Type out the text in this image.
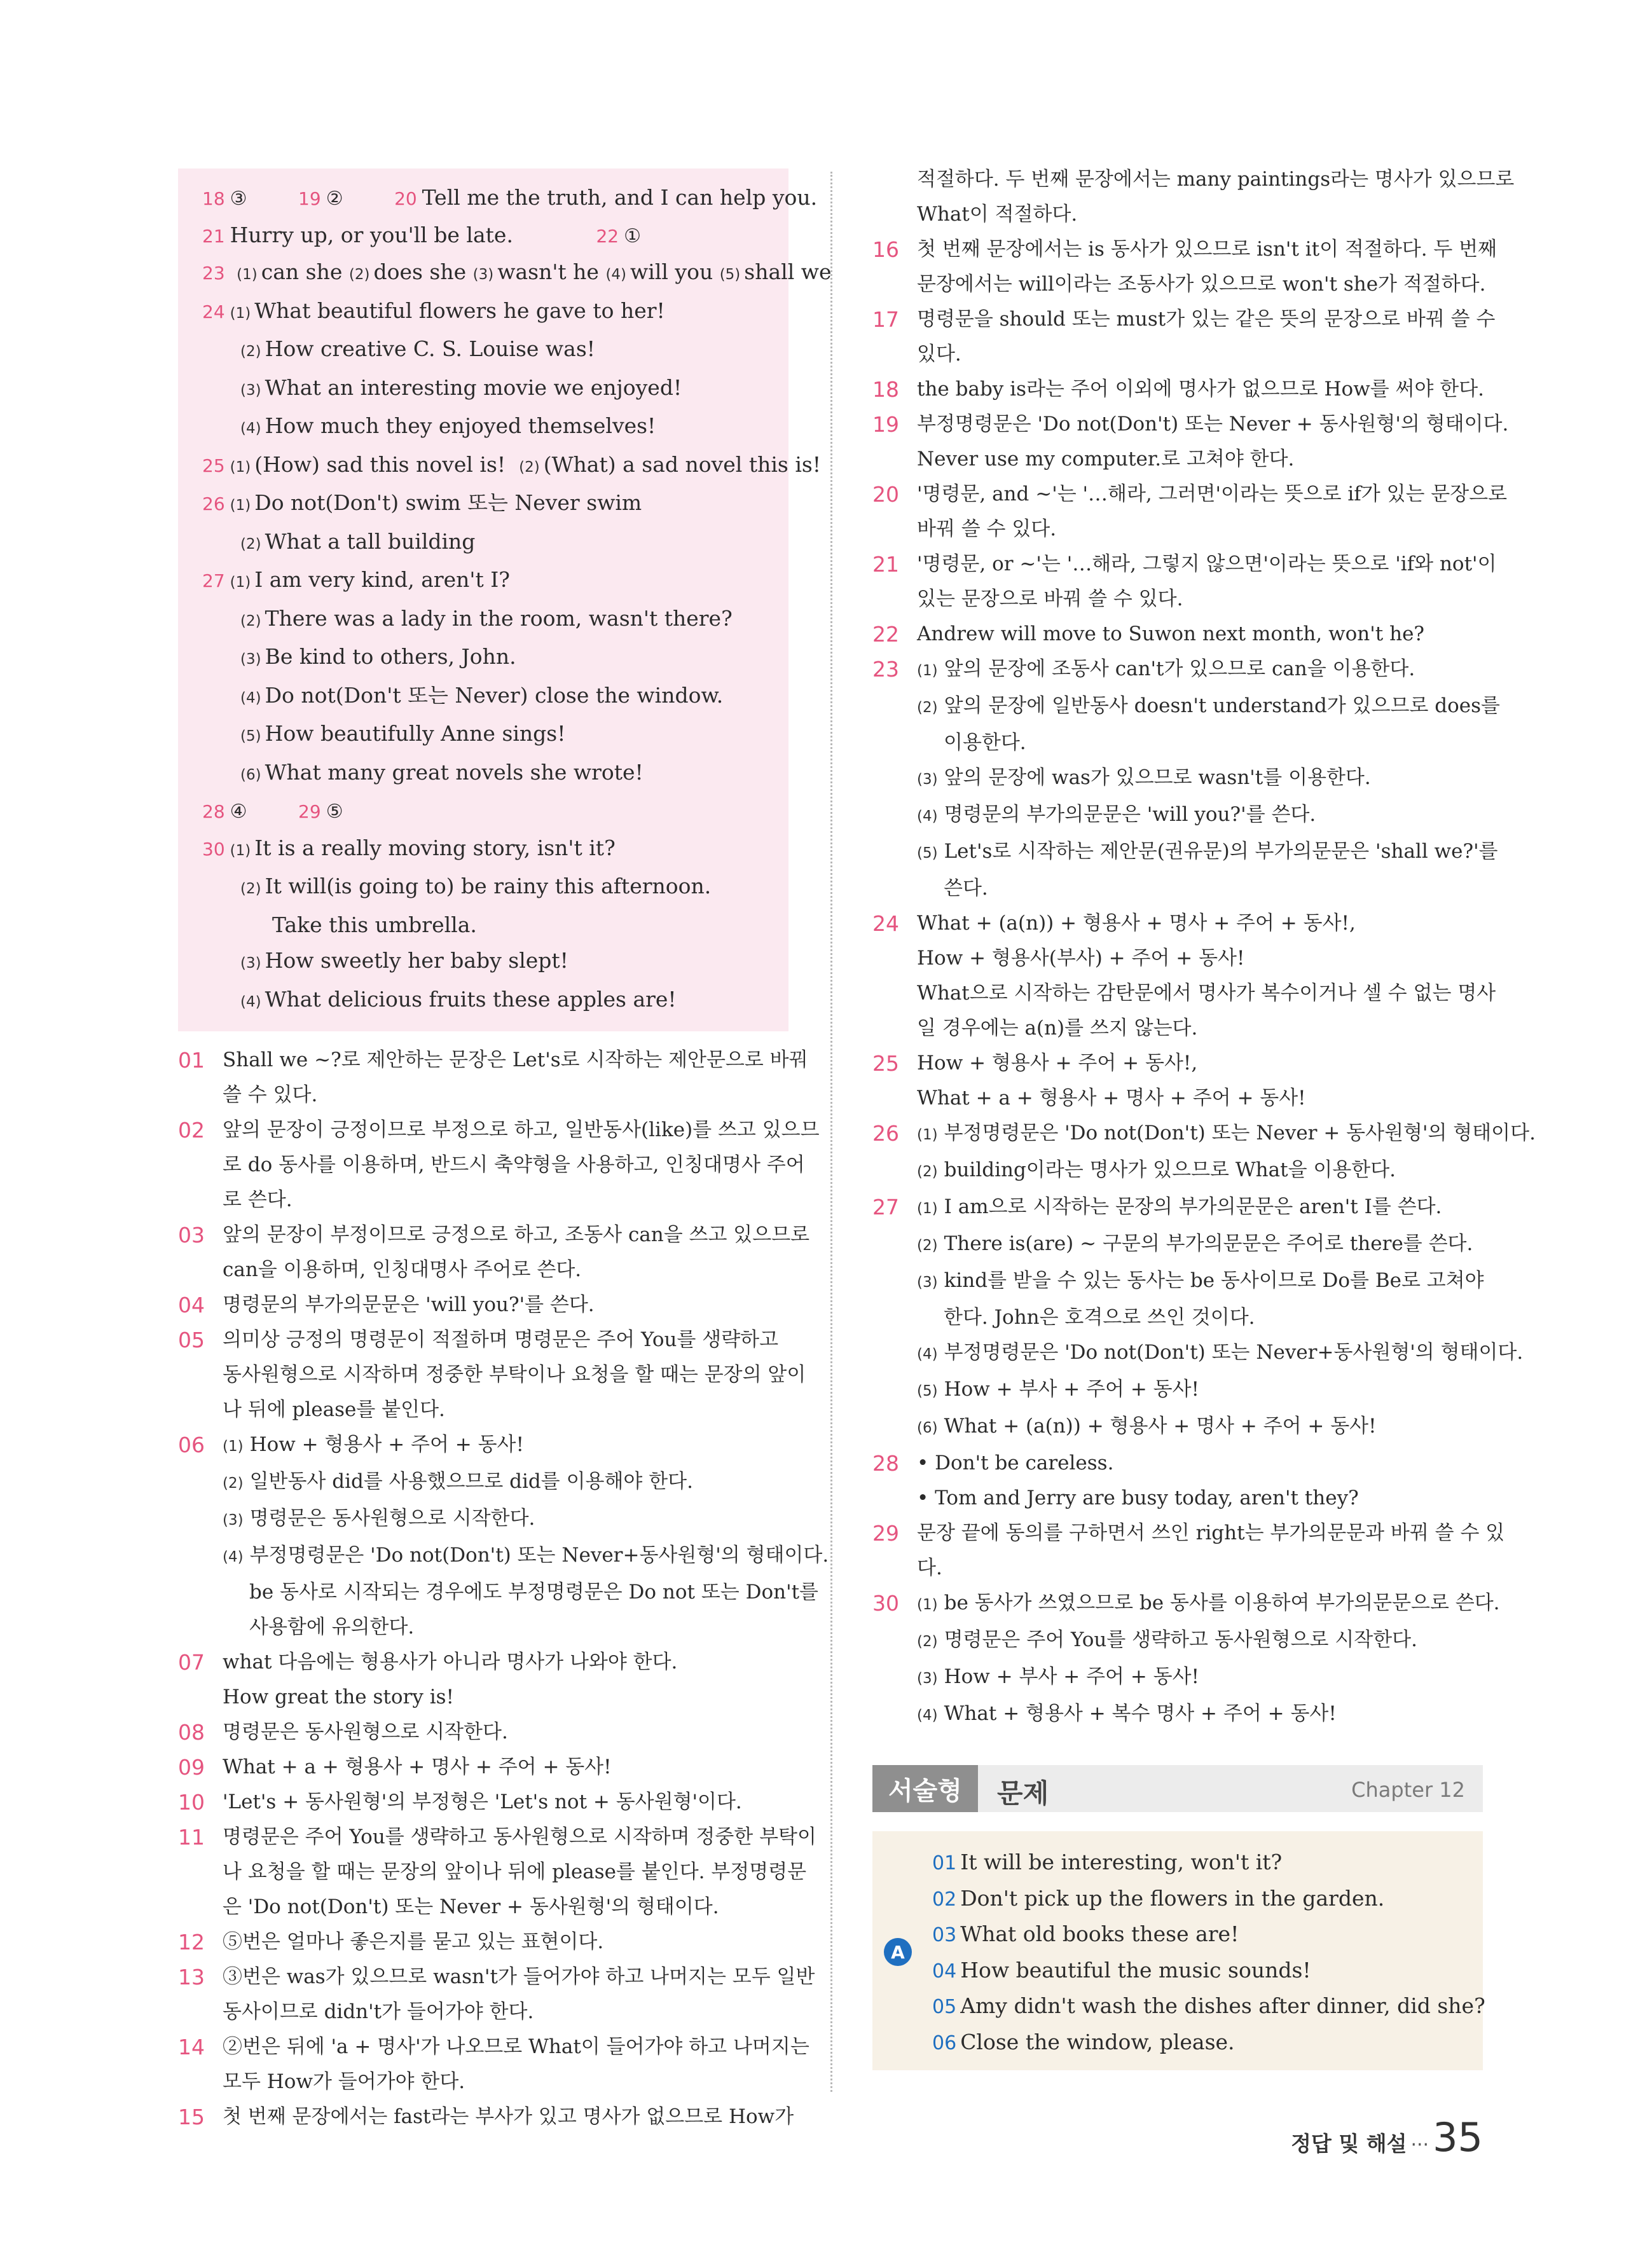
18 ③	19 ②	20 Tell me the truth, and I can help you.
21 Hurry up, or you'll be late.	22 ①
23 (1) can she (2) does she (3) wasn't he (4) will you (5) shall we
24 (1) What beautiful flowers he gave to her!
(2) How creative C. S. Louise was!
(3) What an interesting movie we enjoyed!
(4) How much they enjoyed themselves!
25 (1) (How) sad this novel is! (2) (What) a sad novel this is!
26 (1) Do not(Don't) swim 또는 Never swim
(2) What a tall building
27 (1) I am very kind, aren't I?
(2) There was a lady in the room, wasn't there?
(3) Be kind to others, John.
(4) Do not(Don't 또는 Never) close the window.
(5) How beautifully Anne sings!
(6) What many great novels she wrote!
28 ④	29 ⑤
30 (1) It is a really moving story, isn't it?
(2) It will(is going to) be rainy this afternoon.
Take this umbrella.
(3) How sweetly her baby slept!
(4) What delicious fruits these apples are!
01 Shall we ~?로 제안하는 문장은 Let's로 시작하는 제안문으로 바꿔
쓸 수 있다.
02 앞의 문장이 긍정이므로 부정으로 하고, 일반동사(like)를 쓰고 있으므
로 do 동사를 이용하며, 반드시 축약형을 사용하고, 인칭대명사 주어
로 쓴다.
03 앞의 문장이 부정이므로 긍정으로 하고, 조동사 can을 쓰고 있으므로
can을 이용하며, 인칭대명사 주어로 쓴다.
04 명령문의 부가의문문은 'will you?'를 쓴다.
05 의미상 긍정의 명령문이 적절하며 명령문은 주어 You를 생략하고
동사원형으로 시작하며 정중한 부탁이나 요청을 할 때는 문장의 앞이
나 뒤에 please를 붙인다.
06	(1) How + 형용사 + 주어 + 동사!
(2) 일반동사 did를 사용했으므로 did를 이용해야 한다.
(3) 명령문은 동사원형으로 시작한다.
(4) 부정명령문은 'Do not(Don't) 또는 Never+동사원형'의 형태이다.
be 동사로 시작되는 경우에도 부정명령문은 Do not 또는 Don't를
사용함에 유의한다.
07 what 다음에는 형용사가 아니라 명사가 나와야 한다.
How great the story is!
08 명령문은 동사원형으로 시작한다.
09 What + a + 형용사 + 명사 + 주어 + 동사!
10 'Let's + 동사원형'의 부정형은 'Let's not + 동사원형'이다.
11 명령문은 주어 You를 생략하고 동사원형으로 시작하며 정중한 부탁이
나 요청을 할 때는 문장의 앞이나 뒤에 please를 붙인다. 부정명령문
은 'Do not(Don't) 또는 Never + 동사원형'의 형태이다.
12 ⑤번은 얼마나 좋은지를 묻고 있는 표현이다.
13 ③번은 was가 있으므로 wasn't가 들어가야 하고 나머지는 모두 일반
동사이므로 didn't가 들어가야 한다.
14 ②번은 뒤에 'a + 명사'가 나오므로 What이 들어가야 하고 나머지는
모두 How가 들어가야 한다.
15 첫 번째 문장에서는 fast라는 부사가 있고 명사가 없으므로 How가
적절하다. 두 번째 문장에서는 many paintings라는 명사가 있으므로
What이 적절하다.
16 첫 번째 문장에서는 is 동사가 있으므로 isn't it이 적절하다. 두 번째
문장에서는 will이라는 조동사가 있으므로 won't she가 적절하다.
17 명령문을 should 또는 must가 있는 같은 뜻의 문장으로 바꿔 쓸 수
있다.
18 the baby is라는 주어 이외에 명사가 없으므로 How를 써야 한다.
19 부정명령문은 'Do not(Don't) 또는 Never + 동사원형'의 형태이다.
Never use my computer.로 고쳐야 한다.
20 '명령문, and ~'는 '…해라, 그러면'이라는 뜻으로 if가 있는 문장으로
바꿔 쓸 수 있다.
21 '명령문, or ~'는 '…해라, 그렇지 않으면'이라는 뜻으로 'if와 not'이
있는 문장으로 바꿔 쓸 수 있다.
22 Andrew will move to Suwon next month, won't he?
23	(1) 앞의 문장에 조동사 can't가 있으므로 can을 이용한다.
(2) 앞의 문장에 일반동사 doesn't understand가 있으므로 does를
이용한다.
(3) 앞의 문장에 was가 있으므로 wasn't를 이용한다.
(4) 명령문의 부가의문문은 'will you?'를 쓴다.
(5) Let's로 시작하는 제안문(권유문)의 부가의문문은 'shall we?'를
쓴다.
24 What + (a(n)) + 형용사 + 명사 + 주어 + 동사!,
How + 형용사(부사) + 주어 + 동사!
What으로 시작하는 감탄문에서 명사가 복수이거나 셀 수 없는 명사
일 경우에는 a(n)를 쓰지 않는다.
25 How + 형용사 + 주어 + 동사!,
What + a + 형용사 + 명사 + 주어 + 동사!
26	(1) 부정명령문은 'Do not(Don't) 또는 Never + 동사원형'의 형태이다.
(2) building이라는 명사가 있으므로 What을 이용한다.
27	(1) I am으로 시작하는 문장의 부가의문문은 aren't I를 쓴다.
(2) There is(are) ~ 구문의 부가의문문은 주어로 there를 쓴다.
(3) kind를 받을 수 있는 동사는 be 동사이므로 Do를 Be로 고쳐야
한다. John은 호격으로 쓰인 것이다.
(4) 부정명령문은 'Do not(Don't) 또는 Never+동사원형'의 형태이다.
(5) How + 부사 + 주어 + 동사!
(6) What + (a(n)) + 형용사 + 명사 + 주어 + 동사!
28 • Don't be careless.
• Tom and Jerry are busy today, aren't they?
29 문장 끝에 동의를 구하면서 쓰인 right는 부가의문문과 바꿔 쓸 수 있
다.
30	(1) be 동사가 쓰였으므로 be 동사를 이용하여 부가의문문으로 쓴다.
(2) 명령문은 주어 You를 생략하고 동사원형으로 시작한다.
(3) How + 부사 + 주어 + 동사!
(4) What + 형용사 + 복수 명사 + 주어 + 동사!
서술형	문제	Chapter 12
A
01 It will be interesting, won't it?
02 Don't pick up the flowers in the garden.
03 What old books these are!
04 How beautiful the music sounds!
05 Amy didn't wash the dishes after dinner, did she?
06 Close the window, please.
정답 및 해설 ··· 35
